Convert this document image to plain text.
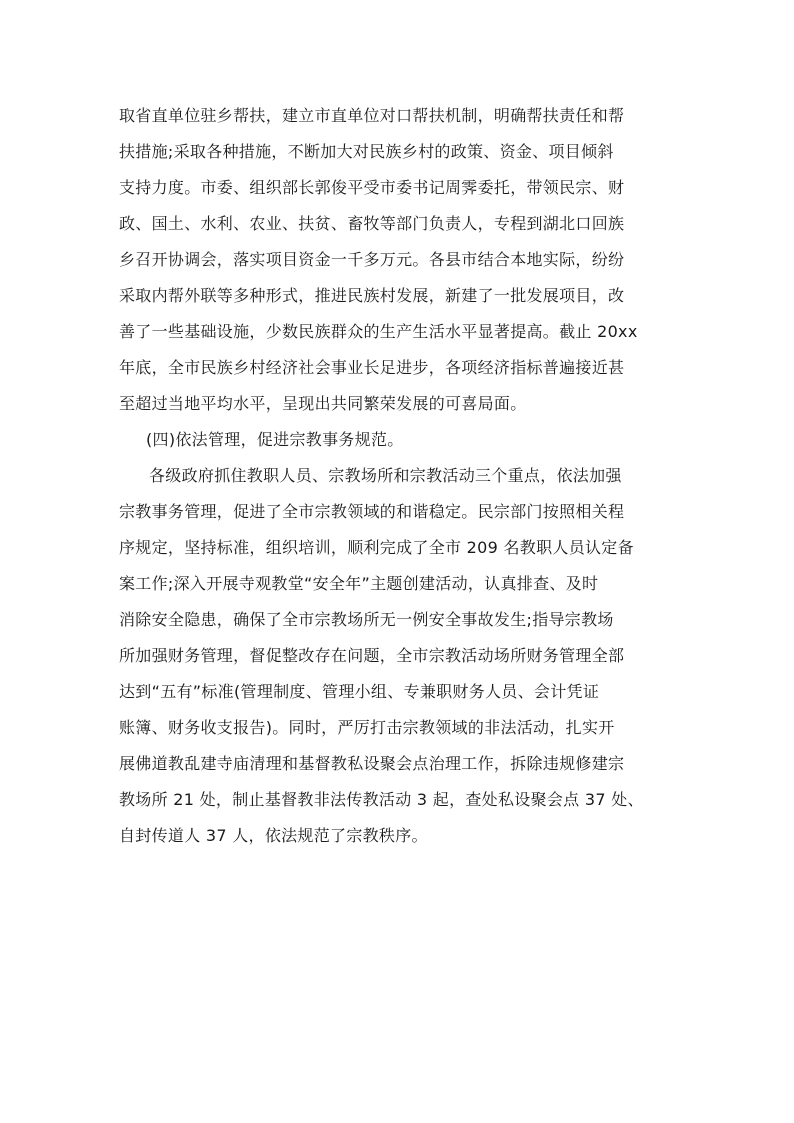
取省直单位驻乡帮扶，建立市直单位对口帮扶机制，明确帮扶责任和帮
扶措施;采取各种措施，不断加大对民族乡村的政策、资金、项目倾斜
支持力度。市委、组织部长郭俊平受市委书记周霁委托，带领民宗、财
政、国土、水利、农业、扶贫、畜牧等部门负责人，专程到湖北口回族
乡召开协调会，落实项目资金一千多万元。各县市结合本地实际，纷纷
采取内帮外联等多种形式，推进民族村发展，新建了一批发展项目，改
善了一些基础设施，少数民族群众的生产生活水平显著提高。截止 20xx
年底，全市民族乡村经济社会事业长足进步，各项经济指标普遍接近甚
至超过当地平均水平，呈现出共同繁荣发展的可喜局面。
(四)依法管理，促进宗教事务规范。
各级政府抓住教职人员、宗教场所和宗教活动三个重点，依法加强
宗教事务管理，促进了全市宗教领域的和谐稳定。民宗部门按照相关程
序规定，坚持标准，组织培训，顺利完成了全市 209 名教职人员认定备
案工作;深入开展寺观教堂“安全年”主题创建活动，认真排查、及时
消除安全隐患，确保了全市宗教场所无一例安全事故发生;指导宗教场
所加强财务管理，督促整改存在问题，全市宗教活动场所财务管理全部
达到“五有”标准(管理制度、管理小组、专兼职财务人员、会计凭证
账簿、财务收支报告)。同时，严厉打击宗教领域的非法活动，扎实开
展佛道教乱建寺庙清理和基督教私设聚会点治理工作，拆除违规修建宗
教场所 21 处，制止基督教非法传教活动 3 起，查处私设聚会点 37 处、
自封传道人 37 人，依法规范了宗教秩序。
